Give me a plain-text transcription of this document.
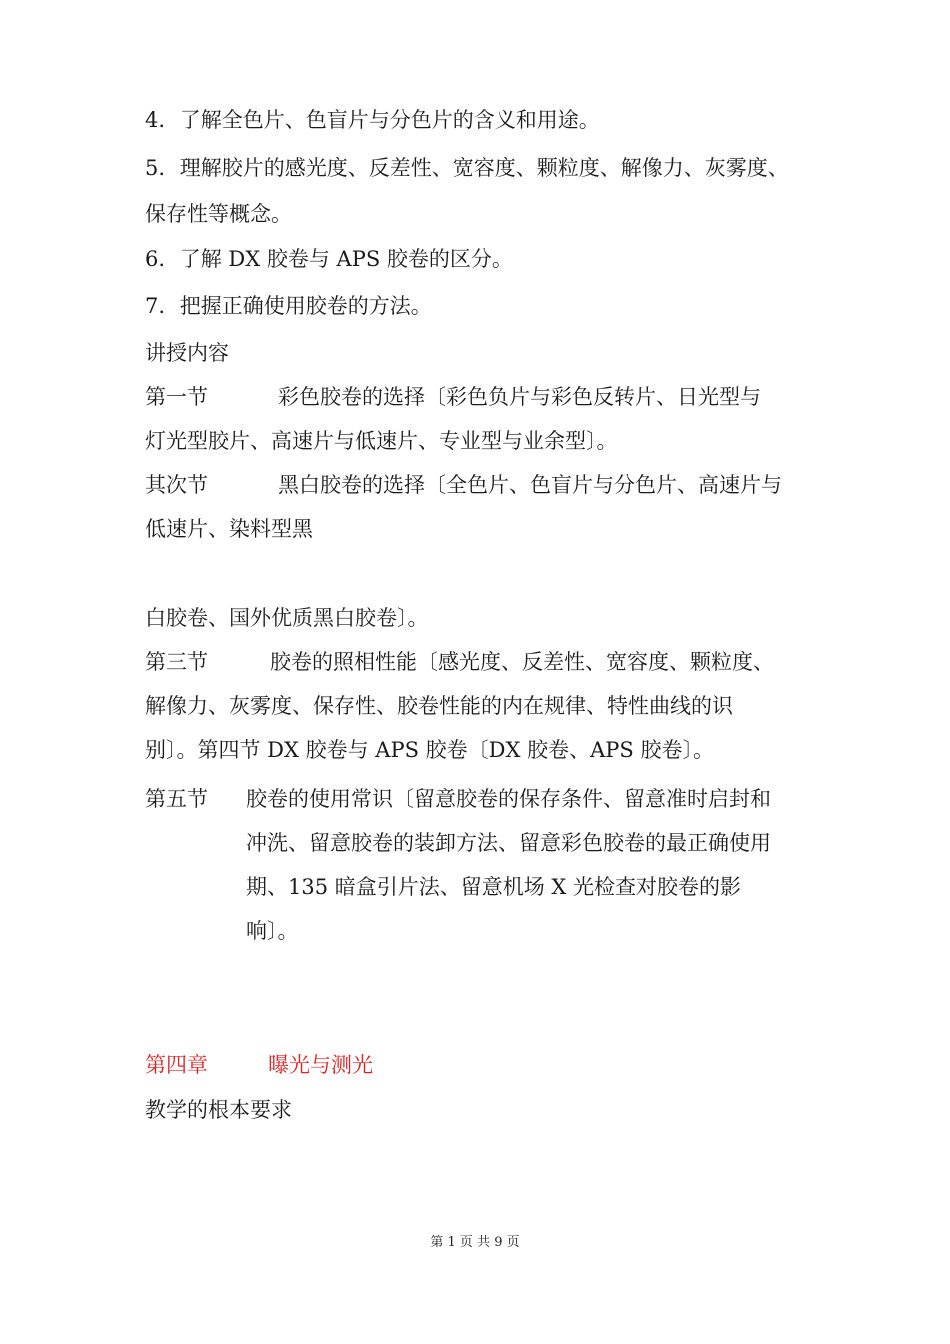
4. 了解全色片、色盲片与分色片的含义和用途。
5. 理解胶片的感光度、反差性、宽容度、颗粒度、解像力、灰雾度、
保存性等概念。
6. 了解 DX 胶卷与 APS 胶卷的区分。
7. 把握正确使用胶卷的方法。
讲授内容
第一节	彩色胶卷的选择〔彩色负片与彩色反转片、日光型与
灯光型胶片、高速片与低速片、专业型与业余型〕。
其次节	黑白胶卷的选择〔全色片、色盲片与分色片、高速片与
低速片、染料型黑
白胶卷、国外优质黑白胶卷〕。
第三节	胶卷的照相性能〔感光度、反差性、宽容度、颗粒度、
解像力、灰雾度、保存性、胶卷性能的内在规律、特性曲线的识
别〕。第四节 DX 胶卷与 APS 胶卷〔DX 胶卷、APS 胶卷〕。
第五节 胶卷的使用常识〔留意胶卷的保存条件、留意准时启封和
冲洗、留意胶卷的装卸方法、留意彩色胶卷的最正确使用
期、135 暗盒引片法、留意机场 X 光检查对胶卷的影
响〕。
第四章	曝光与测光
教学的根本要求
第 1 页 共 9 页
